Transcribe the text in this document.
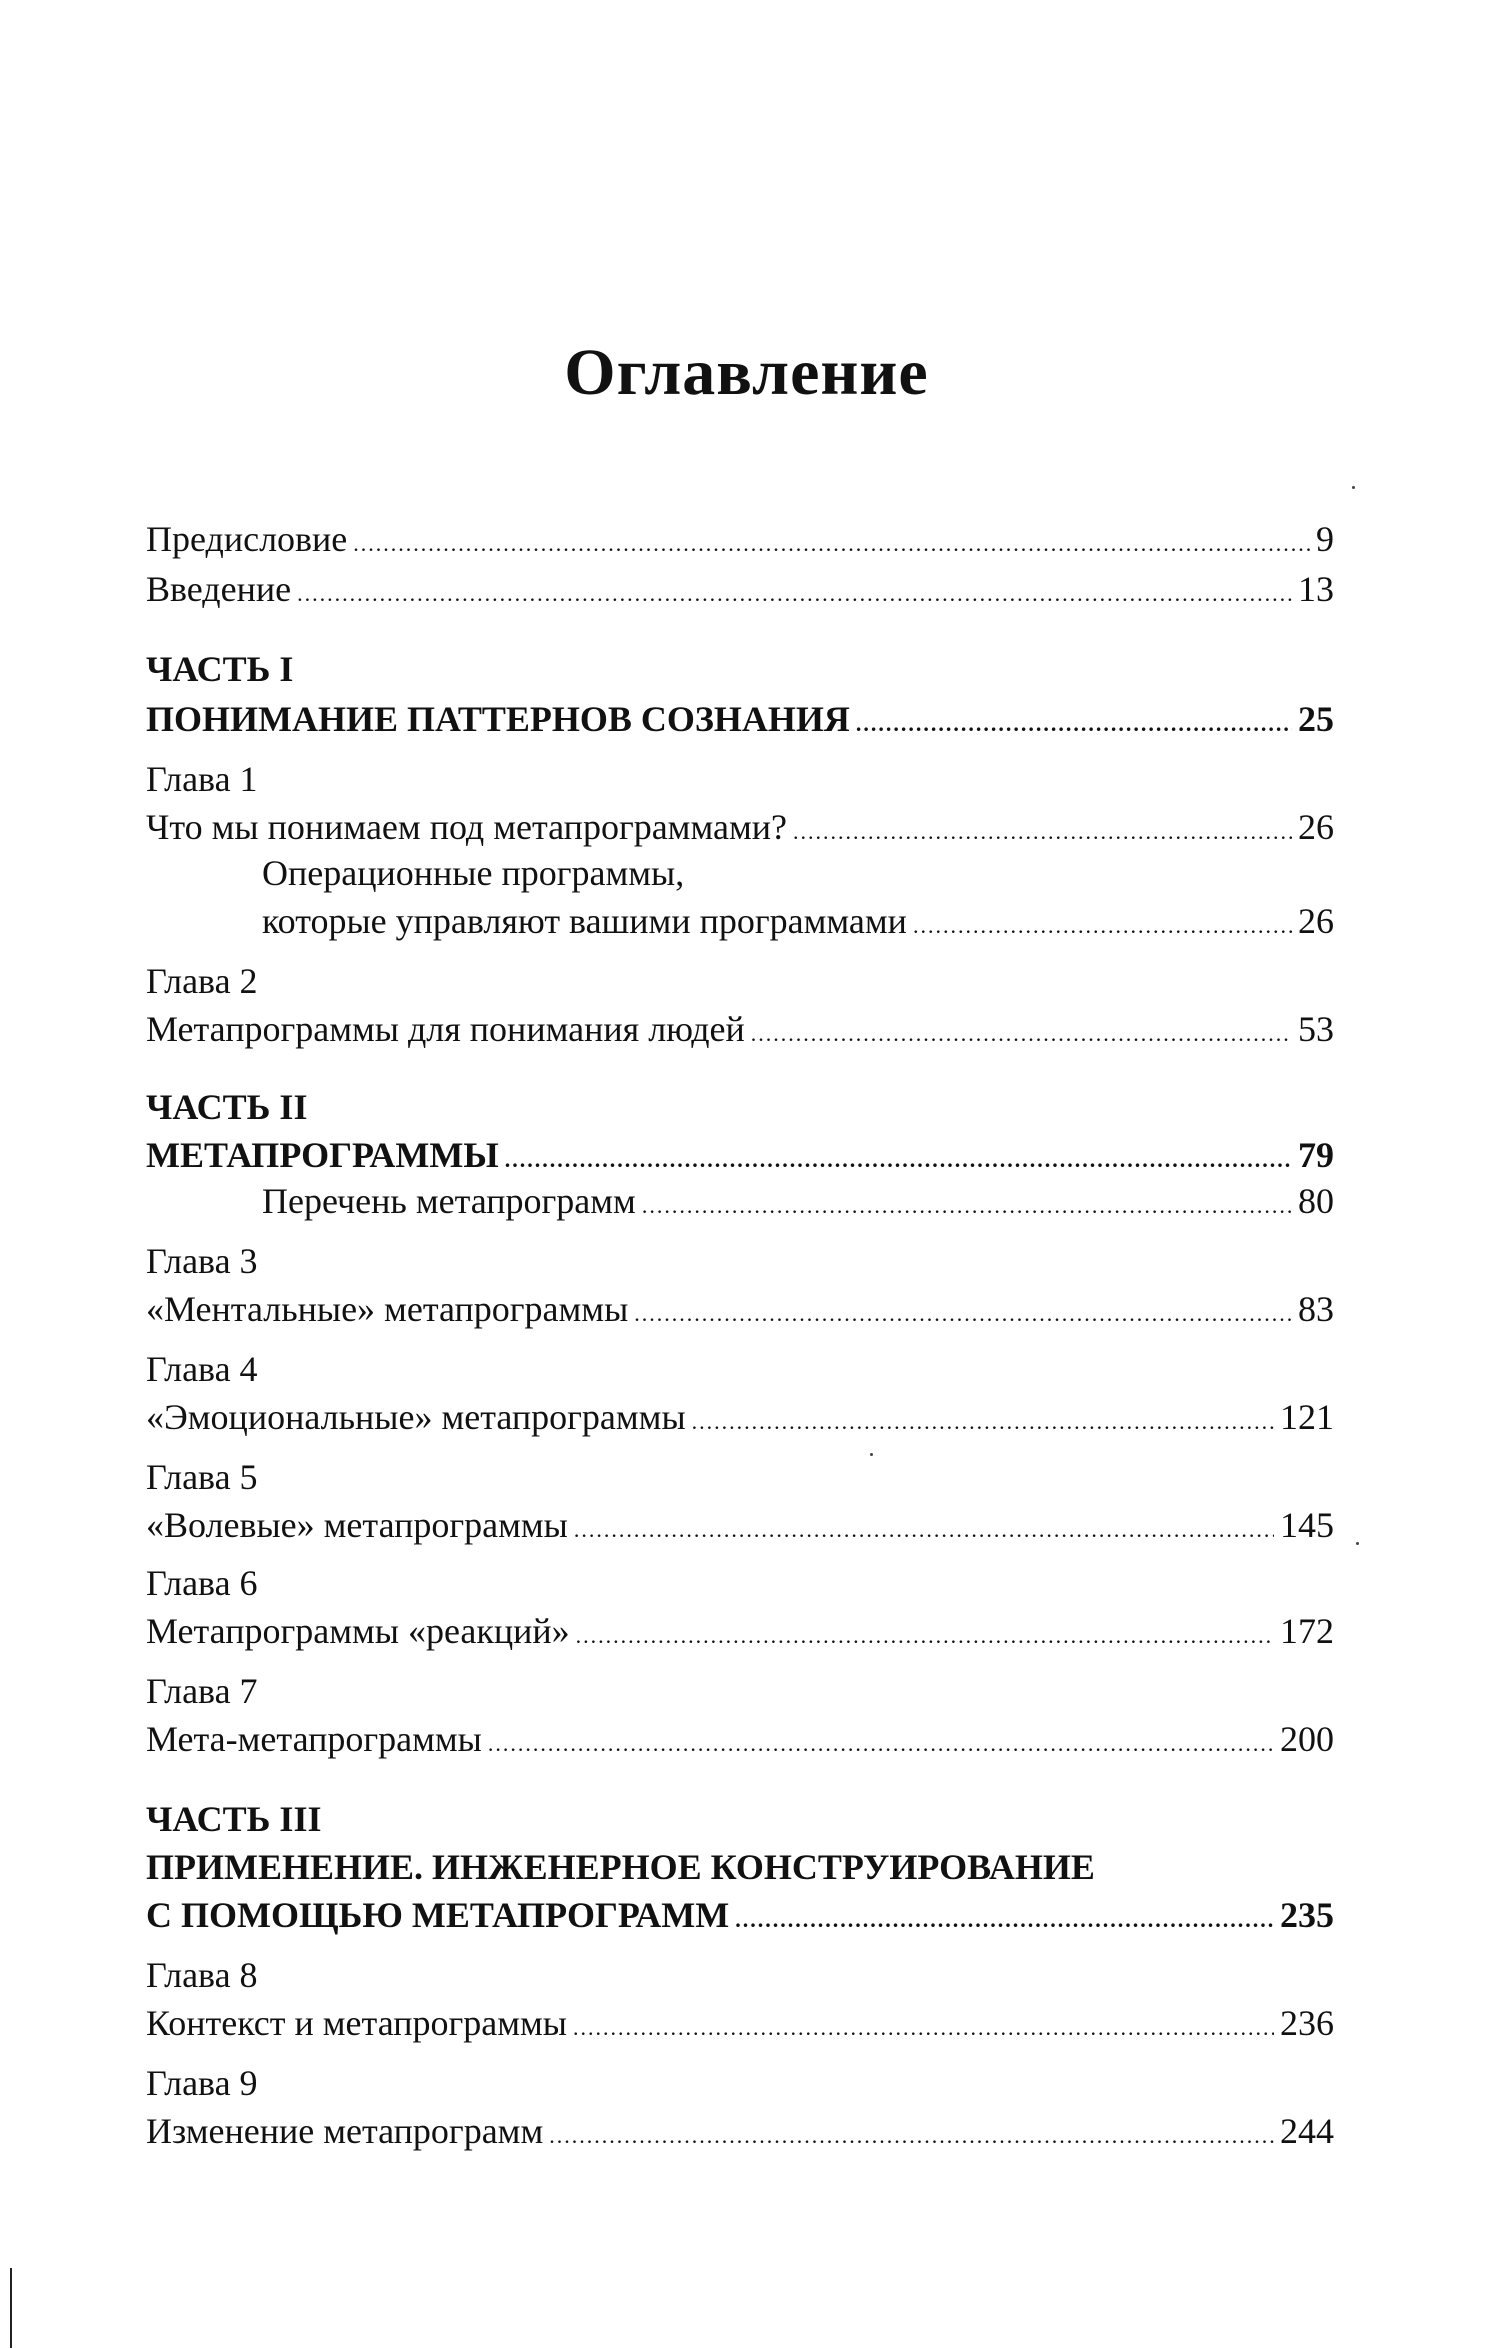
Оглавление
Предисловие .....	9
Введение .....	13
ЧАСТЬ I
ПОНИМАНИЕ ПАТТЕРНОВ СОЗНАНИЯ .....	25
Глава 1
Что мы понимаем под метапрограммами? .....	26
Операционные программы,
которые управляют вашими программами .....	26
Глава 2
Метапрограммы для понимания людей .....	53
ЧАСТЬ II
МЕТАПРОГРАММЫ .....	79
Перечень метапрограмм .....	80
Глава 3
«Ментальные» метапрограммы .....	83
Глава 4
«Эмоциональные» метапрограммы .....	121
Глава 5
«Волевые» метапрограммы .....	145
Глава 6
Метапрограммы «реакций» .....	172
Глава 7
Мета-метапрограммы .....	200
ЧАСТЬ III
ПРИМЕНЕНИЕ. ИНЖЕНЕРНОЕ КОНСТРУИРОВАНИЕ
С ПОМОЩЬЮ МЕТАПРОГРАММ .....	235
Глава 8
Контекст и метапрограммы .....	236
Глава 9
Изменение метапрограмм .....	244
